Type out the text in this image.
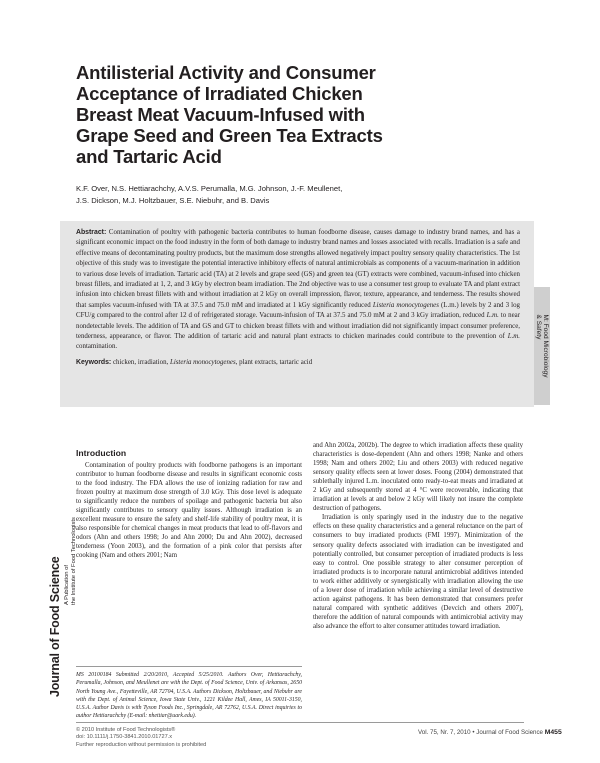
Antilisterial Activity and Consumer Acceptance of Irradiated Chicken Breast Meat Vacuum-Infused with Grape Seed and Green Tea Extracts and Tartaric Acid
K.F. Over, N.S. Hettiarachchy, A.V.S. Perumalla, M.G. Johnson, J.-F. Meullenet,
J.S. Dickson, M.J. Holtzbauer, S.E. Niebuhr, and B. Davis

Abstract: Contamination of poultry with pathogenic bacteria contributes to human foodborne disease, causes damage to industry brand names, and has a significant economic impact on the food industry in the form of both damage to industry brand names and losses associated with recalls. Irradiation is a safe and effective means of decontaminating poultry products, but the maximum dose strengths allowed negatively impact poultry sensory quality characteristics. The 1st objective of this study was to investigate the potential interactive inhibitory effects of natural antimicrobials as components of a vacuum-marination in addition to various dose levels of irradiation. Tartaric acid (TA) at 2 levels and grape seed (GS) and green tea (GT) extracts were combined, vacuum-infused into chicken breast fillets, and irradiated at 1, 2, and 3 kGy by electron beam irradiation. The 2nd objective was to use a consumer test group to evaluate TA and plant extract infusion into chicken breast fillets with and without irradiation at 2 kGy on overall impression, flavor, texture, appearance, and tenderness. The results showed that samples vacuum-infused with TA at 37.5 and 75.0 mM and irradiated at 1 kGy significantly reduced Listeria monocytogenes (L.m.) levels by 2 and 3 log CFU/g compared to the control after 12 d of refrigerated storage. Vacuum-infusion of TA at 37.5 and 75.0 mM at 2 and 3 kGy irradiation, reduced L.m. to near nondetectable levels. The addition of TA and GS and GT to chicken breast fillets with and without irradiation did not significantly impact consumer preference, tenderness, appearance, or flavor. The addition of tartaric acid and natural plant extracts to chicken marinades could contribute to the prevention of L.m. contamination.

Keywords: chicken, irradiation, Listeria monocytogenes, plant extracts, tartaric acid	M: Food Microbiology
& Safety
Introduction

Contamination of poultry products with foodborne pathogens is an important contributor to human foodborne disease and results in significant economic costs to the food industry. The FDA allows the use of ionizing radiation for raw and frozen poultry at maximum dose strength of 3.0 kGy. This dose level is adequate to significantly reduce the numbers of spoilage and pathogenic bacteria but also significantly contributes to sensory quality issues. Although irradiation is an excellent measure to ensure the safety and shelf-life stability of poultry meat, it is also responsible for chemical changes in meat products that lead to off-flavors and odors (Ahn and others 1998; Jo and Ahn 2000; Du and Ahn 2002), decreased tenderness (Yoon 2003), and the formation of a pink color that persists after cooking (Nam and others 2001; Nam

and Ahn 2002a, 2002b). The degree to which irradiation affects these quality characteristics is dose-dependent (Ahn and others 1998; Nanke and others 1998; Nam and others 2002; Liu and others 2003) with reduced negative sensory quality effects seen at lower doses. Foong (2004) demonstrated that sublethally injured L.m. inoculated onto ready-to-eat meats and irradiated at 2 kGy and subsequently stored at 4 °C were recoverable, indicating that irradiation at levels at and below 2 kGy will likely not insure the complete destruction of pathogens.

Irradiation is only sparingly used in the industry due to the negative effects on these quality characteristics and a general reluctance on the part of consumers to buy irradiated products (FMI 1997). Minimization of the sensory quality defects associated with irradiation can be investigated and potentially controlled, but consumer perception of irradiated products is less easy to control. One possible strategy to alter consumer perception of irradiated products is to incorporate natural antimicrobial additives intended to work either additively or synergistically with irradiation allowing the use of a lower dose of irradiation while achieving a similar level of destructive action against pathogens. It has been demonstrated that consumers prefer natural compared with synthetic additives (Devcich and others 2007), therefore the addition of natural compounds with antimicrobial activity may also advance the effort to alter consumer attitudes toward irradiation.

MS 20100184 Submitted 2/20/2010, Accepted 5/25/2010. Authors Over, Hettiarachchy, Perumalla, Johnson, and Meullenet are with the Dept. of Food Science, Univ. of Arkansas, 2650 North Young Ave., Fayetteville, AR 72704, U.S.A. Authors Dickson, Holtzbauer, and Niebuhr are with the Dept. of Animal Science, Iowa State Univ., 1221 Kildee Hall, Ames, IA 50011-3150, U.S.A. Author Davis is with Tyson Foods Inc., Springdale, AR 72762, U.S.A. Direct inquiries to author Hettiarachchy (E-mail: nhettiar@uark.edu).

© 2010 Institute of Food Technologists®
doi: 10.1111/j.1750-3841.2010.01727.x
Further reproduction without permission is prohibited
Vol. 75, Nr. 7, 2010 • Journal of Food Science M455
Journal of Food Science A Publication of the Institute of Food Technologists
